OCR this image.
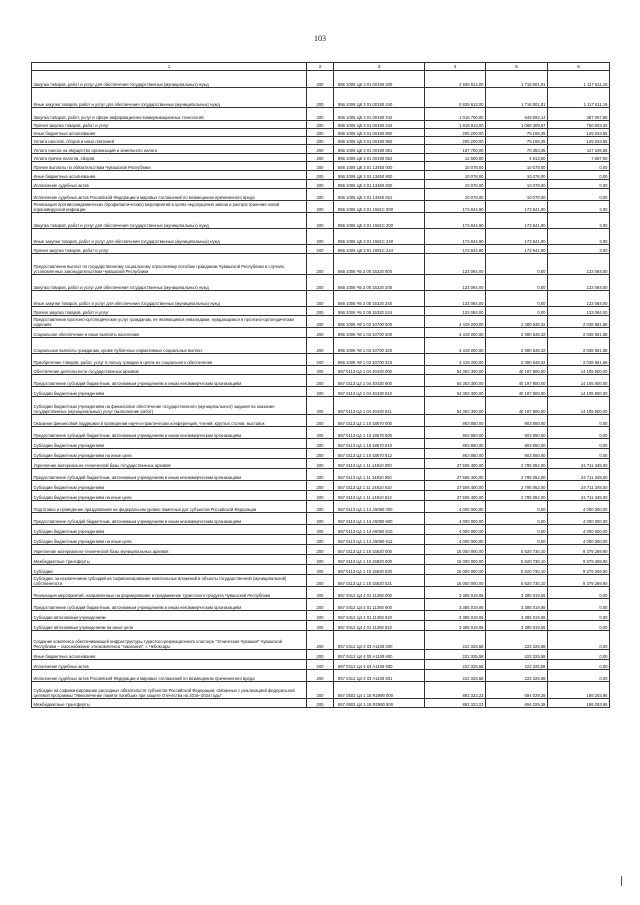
103
1	2	3	4	5	6
Закупка товаров, работ и услуг для обеспечения государственных (муниципальных) нужд	200	856 1006 Ц6 3 01 00190 200	2 835 613,00	1 718 001,81	1 117 611,19
Иные закупки товаров, работ и услуг для обеспечения государственных (муниципальных) нужд	200	856 1006 Ц6 3 01 00190 240	2 835 613,00	1 718 001,81	1 117 611,19
Закупка товаров, работ, услуг в сфере информационно-коммуникационных технологий	200	856 1006 Ц6 3 01 00190 242	1 016 700,00	649 692,14	367 007,86
Прочая закупка товаров, работ и услуг	200	856 1006 Ц6 3 01 00190 244	1 818 913,00	1 068 309,67	750 603,33
Иные бюджетные ассигнования	200	856 1006 Ц6 3 01 00190 800	200 200,00	75 166,35	125 033,65
Уплата налогов, сборов и иных платежей	200	856 1006 Ц6 3 01 00190 850	200 200,00	75 166,35	125 033,65
Уплата налога на имущество организаций и земельного налога	200	856 1006 Ц6 3 01 00190 851	187 700,00	70 353,35	117 346,65
Уплата прочих налогов, сборов	200	856 1006 Ц6 3 01 00190 852	12 500,00	4 813,00	7 687,00
Прочие выплаты по обязательствам Чувашской Республики	200	856 1006 Ц6 3 01 13450 000	10 078,00	10 078,00	0,00
Иные бюджетные ассигнования	200	856 1006 Ц6 3 01 13450 800	10 078,00	10 078,00	0,00
Исполнение судебных актов	200	856 1006 Ц6 3 01 13450 830	10 078,00	10 078,00	0,00
Исполнение судебных актов Российской Федерации и мировых соглашений по возмещению причиненного вреда	200	856 1006 Ц6 3 01 13450 831	10 078,00	10 078,00	0,00
Реализация противоэпидемических (профилактических) мероприятий в целях недопущения завоза и распространения новой коронавирусной инфекции	200	856 1006 Ц6 3 01 1591С 000	173 844,90	173 841,90	3,00
Закупка товаров, работ и услуг для обеспечения государственных (муниципальных) нужд	200	856 1006 Ц6 3 01 1591С 200	173 844,90	173 841,90	3,00
Иные закупки товаров, работ и услуг для обеспечения государственных (муниципальных) нужд	200	856 1006 Ц6 3 01 1591С 240	173 844,90	173 841,90	3,00
Прочая закупка товаров, работ и услуг	200	856 1006 Ц6 3 01 1591С 244	173 844,90	173 841,90	3,00
Предоставление выплат по государственному социальному отраслевому пособию гражданам Чувашской Республики в случаях, установленных законодательством Чувашской Республики	200	856 1006 Ч5 2 05 15320 000	133 084,00	0,00	133 084,00
Закупка товаров, работ и услуг для обеспечения государственных (муниципальных) нужд	200	856 1006 Ч5 2 05 15320 200	133 084,00	0,00	133 084,00
Иные закупки товаров, работ и услуг для обеспечения государственных (муниципальных) нужд	200	856 1006 Ч5 2 05 15320 240	133 084,00	0,00	133 084,00
Прочая закупка товаров, работ и услуг	200	856 1006 Ч5 2 05 15320 244	133 084,00	0,00	133 084,00
Предоставление протезно-ортопедических услуг гражданам, не являющимся инвалидами, нуждающимся в протезно-ортопедических изделиях	200	856 1006 Ч8 1 03 10700 000	4 419 200,00	2 380 548,32	2 038 651,68
Социальное обеспечение и иные выплаты населению	200	856 1006 Ч8 1 03 10700 300	4 419 200,00	2 380 548,32	2 038 651,68
Социальные выплаты гражданам, кроме публичных нормативных социальных выплат	200	856 1006 Ч8 1 03 10700 320	4 419 200,00	2 380 548,32	2 038 651,68
Приобретение товаров, работ, услуг в пользу граждан в целях их социального обеспечения	200	856 1006 Ч8 1 03 10700 323	4 419 200,00	2 380 548,32	2 038 651,68
Обеспечение деятельности государственных архивов	200	857 0113 Ц4 1 04 40430 000	54 303 300,00	40 197 800,00	14 105 500,00
Предоставление субсидий бюджетным, автономным учреждениям и иным некоммерческим организациям	200	857 0113 Ц4 1 04 40430 600	54 303 300,00	40 197 800,00	14 105 500,00
Субсидии бюджетным учреждениям	200	857 0113 Ц4 1 04 40430 610	54 303 300,00	40 197 800,00	14 105 500,00
Субсидии бюджетным учреждениям на финансовое обеспечение государственного (муниципального) задания на оказание государственных (муниципальных) услуг (выполнение работ)	200	857 0113 Ц4 1 04 40430 611	54 303 300,00	40 197 800,00	14 105 500,00
Оказание финансовой поддержки в проведении научно-практических конференций, чтений, круглых столов, выставок	200	857 0113 Ц4 1 10 18570 000	903 850,00	903 850,00	0,00
Предоставление субсидий бюджетным, автономным учреждениям и иным некоммерческим организациям	200	857 0113 Ц4 1 10 18570 600	903 850,00	903 850,00	0,00
Субсидии бюджетным учреждениям	200	857 0113 Ц4 1 10 18570 610	903 850,00	903 850,00	0,00
Субсидии бюджетным учреждениям на иные цели	200	857 0113 Ц4 1 10 18570 612	903 850,00	903 850,00	0,00
Укрепление материально-технической базы государственных архивов	200	857 0113 Ц4 1 11 14810 000	27 506 400,00	2 795 052,00	24 711 348,00
Предоставление субсидий бюджетным, автономным учреждениям и иным некоммерческим организациям	200	857 0113 Ц4 1 11 14810 600	27 506 400,00	2 795 052,00	24 711 348,00
Субсидии бюджетным учреждениям	200	857 0113 Ц4 1 11 14810 610	27 506 400,00	2 795 052,00	24 711 348,00
Субсидии бюджетным учреждениям на иные цели	200	857 0113 Ц4 1 11 14810 612	27 506 400,00	2 795 052,00	24 711 348,00
Подготовка и проведение празднования на федеральном уровне памятных дат субъектов Российской Федерации	200	857 0113 Ц4 1 14 А5090 000	4 000 000,00	0,00	4 000 000,00
Предоставление субсидий бюджетным, автономным учреждениям и иным некоммерческим организациям	200	857 0113 Ц4 1 14 А5090 600	4 000 000,00	0,00	4 000 000,00
Субсидии бюджетным учреждениям	200	857 0113 Ц4 1 14 А5090 610	4 000 000,00	0,00	4 000 000,00
Субсидии бюджетным учреждениям на иные цели	200	857 0113 Ц4 1 14 А5090 612	4 000 000,00	0,00	4 000 000,00
Укрепление материально-технической базы муниципальных архивов	200	857 0113 Ц4 1 15 15820 000	15 000 000,00	5 620 730,10	9 379 269,90
Межбюджетные трансферты	200	857 0113 Ц4 1 15 15820 500	15 000 000,00	5 620 730,10	9 379 269,90
Субсидии	200	857 0113 Ц4 1 15 15820 520	15 000 000,00	5 620 730,10	9 379 269,90
Субсидии, за исключением субсидий на софинансирование капитальных вложений в объекты государственной (муниципальной) собственности	200	857 0113 Ц4 1 15 15820 521	15 000 000,00	5 620 730,10	9 379 269,90
Реализация мероприятий, направленных на формирование и продвижение туристского продукта Чувашской Республики	200	857 0412 Ц4 4 01 11360 000	3 385 019,06	3 385 019,06	0,00
Предоставление субсидий бюджетным, автономным учреждениям и иным некоммерческим организациям	200	857 0412 Ц4 4 01 11360 600	3 385 019,06	3 385 019,06	0,00
Субсидии автономным учреждениям	200	857 0412 Ц4 4 01 11360 620	3 385 019,06	3 385 019,06	0,00
Субсидии автономным учреждениям на иные цели	200	857 0412 Ц4 4 01 11360 622	3 385 019,06	3 385 019,06	0,00
Создание комплекса обеспечивающей инфраструктуры туристско-рекреационного кластера "Этническая Чувашия" Чувашской Республики – газоснабжение этнокомплекса "Амазония", г. Чебоксары	200	857 0412 Ц4 4 03 А1109 000	222 325,58	222 325,58	0,00
Иные бюджетные ассигнования	200	857 0412 Ц4 4 03 А1109 800	222 325,58	222 325,58	0,00
Исполнение судебных актов	200	857 0412 Ц4 4 03 А1109 830	222 325,58	222 325,58	0,00
Исполнение судебных актов Российской Федерации и мировых соглашений по возмещению причиненного вреда	200	857 0412 Ц4 4 03 А1109 831	222 325,58	222 325,58	0,00
Субсидии на софинансирование расходных обязательств субъектов Российской Федерации, связанных с реализацией федеральной целевой программы "Увековечение памяти погибших при защите Отечества на 2019–2024 годы"	200	857 0503 Ц4 1 15 R2990 000	892 323,23	694 029,28	198 293,95
Межбюджетные трансферты	200	857 0503 Ц4 1 15 R2990 500	892 323,23	694 029,28	198 293,95
